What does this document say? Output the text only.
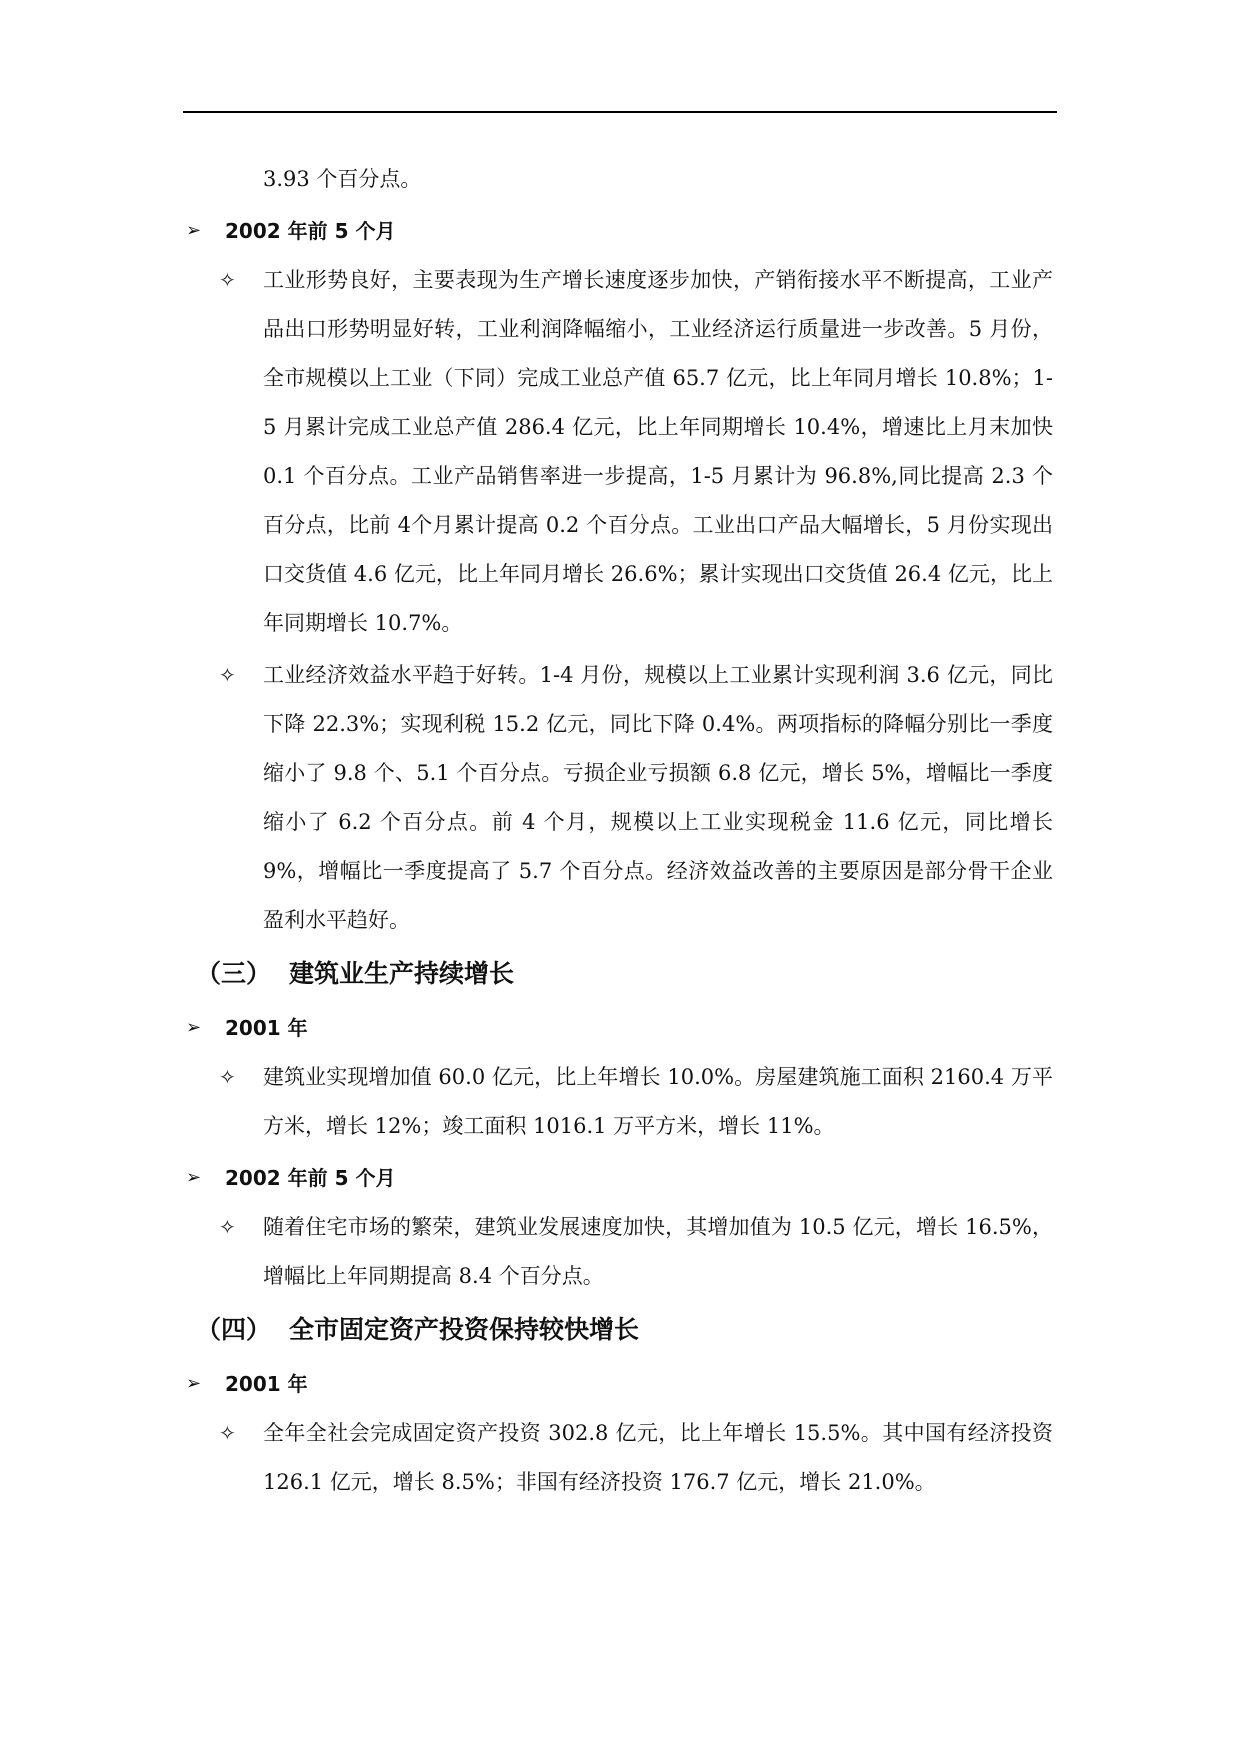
3.93 个百分点。
➢ 2002 年前 5 个月
✧ 工业形势良好，主要表现为生产增长速度逐步加快，产销衔接水平不断提高，工业产品出口形势明显好转，工业利润降幅缩小，工业经济运行质量进一步改善。5 月份，全市规模以上工业（下同）完成工业总产值 65.7 亿元，比上年同月增长 10.8%；1-5 月累计完成工业总产值 286.4 亿元，比上年同期增长 10.4%，增速比上月末加快 0.1 个百分点。工业产品销售率进一步提高，1-5 月累计为 96.8%,同比提高 2.3 个百分点，比前 4个月累计提高 0.2 个百分点。工业出口产品大幅增长，5 月份实现出口交货值 4.6 亿元，比上年同月增长 26.6%；累计实现出口交货值 26.4 亿元，比上年同期增长 10.7%。
✧ 工业经济效益水平趋于好转。1-4 月份，规模以上工业累计实现利润 3.6 亿元，同比下降 22.3%；实现利税 15.2 亿元，同比下降 0.4%。两项指标的降幅分别比一季度缩小了 9.8 个、5.1 个百分点。亏损企业亏损额 6.8 亿元，增长 5%，增幅比一季度缩小了 6.2 个百分点。前 4 个月，规模以上工业实现税金 11.6 亿元，同比增长 9%，增幅比一季度提高了 5.7 个百分点。经济效益改善的主要原因是部分骨干企业盈利水平趋好。
（三） 建筑业生产持续增长
➢ 2001 年
✧ 建筑业实现增加值 60.0 亿元，比上年增长 10.0%。房屋建筑施工面积 2160.4 万平方米，增长 12%；竣工面积 1016.1 万平方米，增长 11%。
➢ 2002 年前 5 个月
✧ 随着住宅市场的繁荣，建筑业发展速度加快，其增加值为 10.5 亿元，增长 16.5%，增幅比上年同期提高 8.4 个百分点。
（四） 全市固定资产投资保持较快增长
➢ 2001 年
✧ 全年全社会完成固定资产投资 302.8 亿元，比上年增长 15.5%。其中国有经济投资 126.1 亿元，增长 8.5%；非国有经济投资 176.7 亿元，增长 21.0%。
